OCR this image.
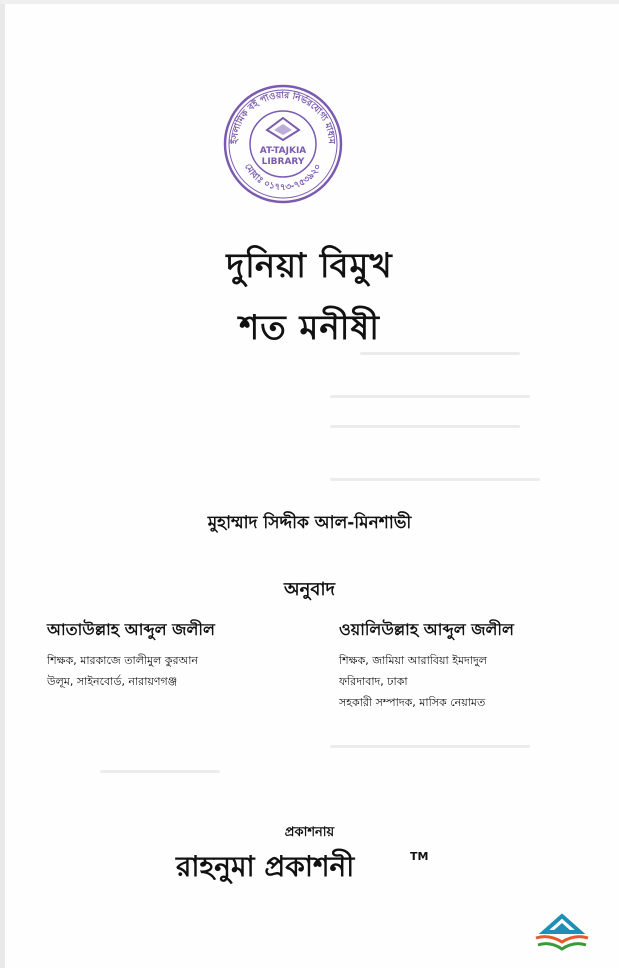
ইসলামিক বই পাওয়ার নির্ভরযোগ্য মাধ্যম
মোবাঃ ০১৭৭৩-৭৫৩৯২০
AT-TAJKIA
LIBRARY
দুনিয়া বিমুখ
শত মনীষী
মুহাম্মাদ সিদ্দীক আল-মিনশাভী
অনুবাদ
আতাউল্লাহ আব্দুল জলীল
শিক্ষক, মারকাজে তালীমুল কুরআন
উলূম, সাইনবোর্ড, নারায়ণগঞ্জ
ওয়ালিউল্লাহ আব্দুল জলীল
শিক্ষক, জামিয়া আরাবিয়া ইমদাদুল
ফরিদাবাদ, ঢাকা
সহকারী সম্পাদক, মাসিক নেয়ামত
প্রকাশনায়
রাহনুমা প্রকাশনী	TM
